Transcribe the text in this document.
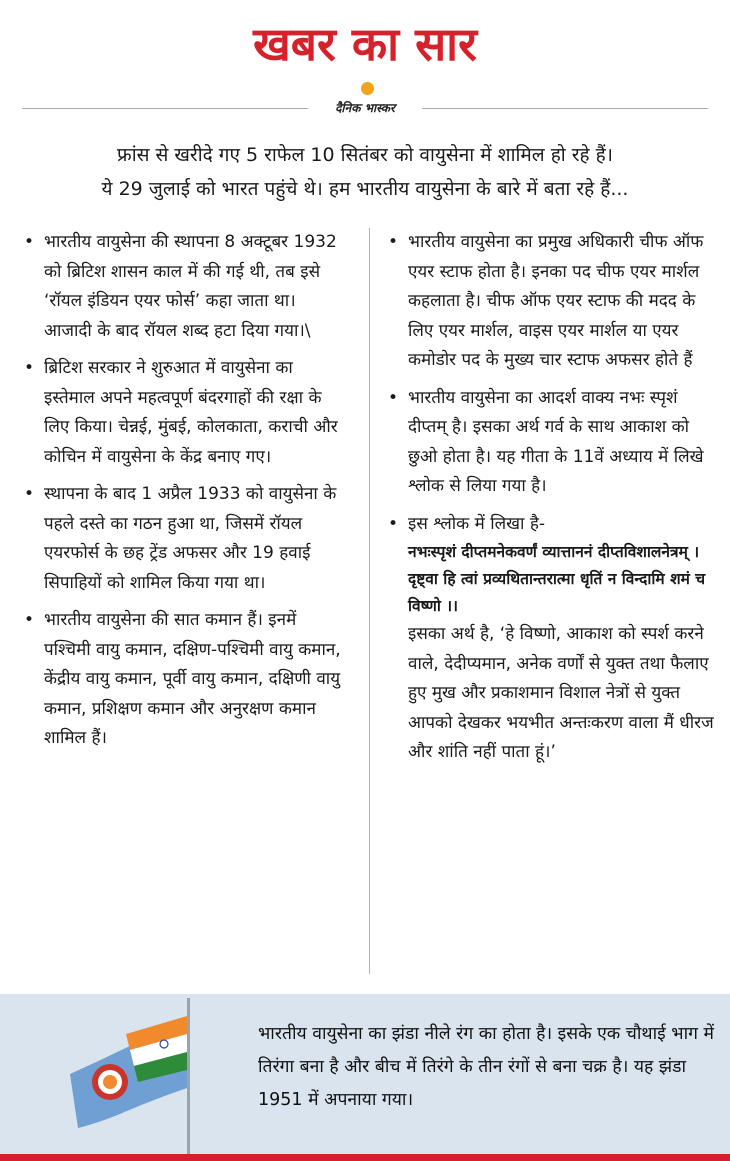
खबर का सार
दैनिक भास्कर
फ्रांस से खरीदे गए 5 राफेल 10 सितंबर को वायुसेना में शामिल हो रहे हैं।
ये 29 जुलाई को भारत पहुंचे थे। हम भारतीय वायुसेना के बारे में बता रहे हैं...
• भारतीय वायुसेना की स्थापना 8 अक्टूबर 1932 को ब्रिटिश शासन काल में की गई थी, तब इसे ‘रॉयल इंडियन एयर फोर्स’ कहा जाता था। आजादी के बाद रॉयल शब्द हटा दिया गया।\
• ब्रिटिश सरकार ने शुरुआत में वायुसेना का इस्तेमाल अपने महत्वपूर्ण बंदरगाहों की रक्षा के लिए किया। चेन्नई, मुंबई, कोलकाता, कराची और कोचिन में वायुसेना के केंद्र बनाए गए।
• स्थापना के बाद 1 अप्रैल 1933 को वायुसेना के पहले दस्ते का गठन हुआ था, जिसमें रॉयल एयरफोर्स के छह ट्रेंड अफसर और 19 हवाई सिपाहियों को शामिल किया गया था।
• भारतीय वायुसेना की सात कमान हैं। इनमें पश्चिमी वायु कमान, दक्षिण-पश्चिमी वायु कमान, केंद्रीय वायु कमान, पूर्वी वायु कमान, दक्षिणी वायु कमान, प्रशिक्षण कमान और अनुरक्षण कमान शामिल हैं।
• भारतीय वायुसेना का प्रमुख अधिकारी चीफ ऑफ एयर स्टाफ होता है। इनका पद चीफ एयर मार्शल कहलाता है। चीफ ऑफ एयर स्टाफ की मदद के लिए एयर मार्शल, वाइस एयर मार्शल या एयर कमोडोर पद के मुख्य चार स्टाफ अफसर होते हैं
• भारतीय वायुसेना का आदर्श वाक्य नभः स्पृशं दीप्तम् है। इसका अर्थ गर्व के साथ आकाश को छुओ होता है। यह गीता के 11वें अध्याय में लिखे श्लोक से लिया गया है।
• इस श्लोक में लिखा है-
नभःस्पृशं दीप्तमनेकवर्णं व्यात्ताननं दीप्तविशालनेत्रम् । दृष्ट्वा हि त्वां प्रव्यथितान्तरात्मा धृतिं न विन्दामि शमं च विष्णो ।।
इसका अर्थ है, ‘हे विष्णो, आकाश को स्पर्श करने वाले, देदीप्यमान, अनेक वर्णों से युक्त तथा फैलाए हुए मुख और प्रकाशमान विशाल नेत्रों से युक्त आपको देखकर भयभीत अन्तःकरण वाला मैं धीरज और शांति नहीं पाता हूं।’
भारतीय वायुसेना का झंडा नीले रंग का होता है। इसके एक चौथाई भाग में तिरंगा बना है और बीच में तिरंगे के तीन रंगों से बना चक्र है। यह झंडा 1951 में अपनाया गया।
